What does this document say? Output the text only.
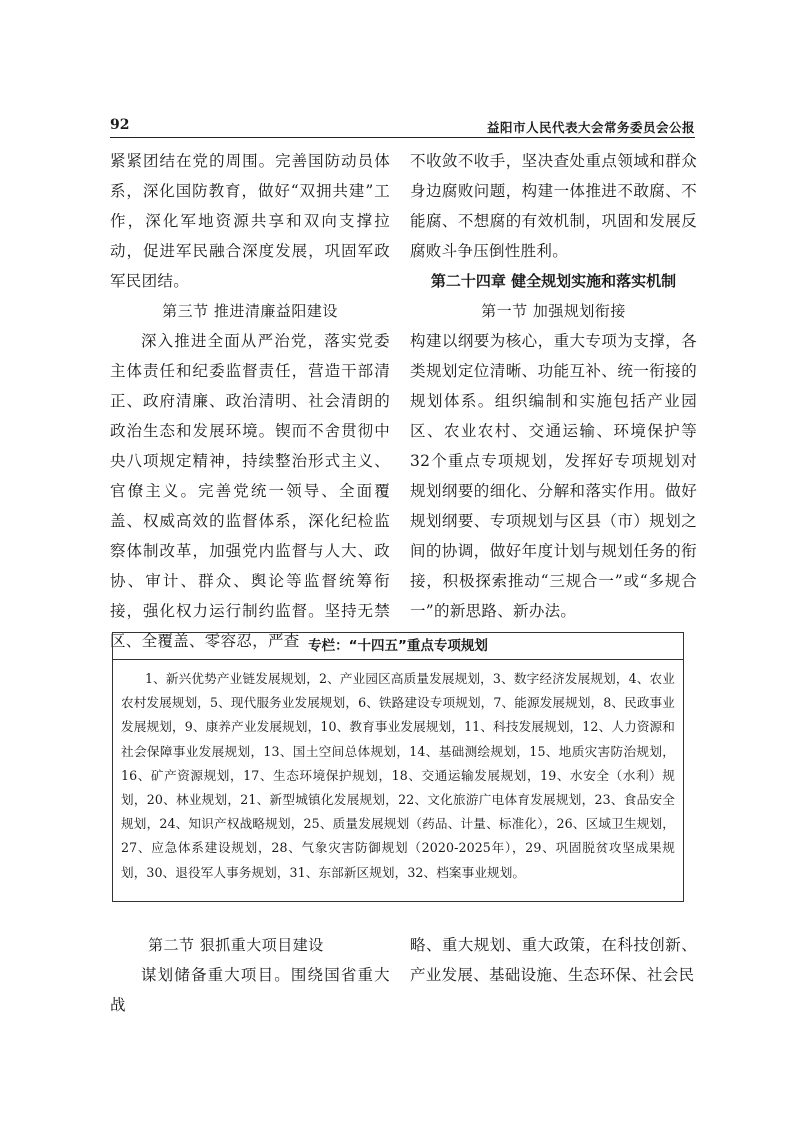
92	益阳市人民代表大会常务委员会公报

紧紧团结在党的周围。完善国防动员体系，深化国防教育，做好“双拥共建”工作，深化军地资源共享和双向支撑拉动，促进军民融合深度发展，巩固军政军民团结。

第三节 推进清廉益阳建设

深入推进全面从严治党，落实党委主体责任和纪委监督责任，营造干部清正、政府清廉、政治清明、社会清朗的政治生态和发展环境。锲而不舍贯彻中央八项规定精神，持续整治形式主义、官僚主义。完善党统一领导、全面覆盖、权威高效的监督体系，深化纪检监察体制改革，加强党内监督与人大、政协、审计、群众、舆论等监督统筹衔接，强化权力运行制约监督。坚持无禁区、全覆盖、零容忍，严查

不收敛不收手，坚决查处重点领域和群众身边腐败问题，构建一体推进不敢腐、不能腐、不想腐的有效机制，巩固和发展反腐败斗争压倒性胜利。

第二十四章 健全规划实施和落实机制

第一节 加强规划衔接

构建以纲要为核心，重大专项为支撑，各类规划定位清晰、功能互补、统一衔接的规划体系。组织编制和实施包括产业园区、农业农村、交通运输、环境保护等32个重点专项规划，发挥好专项规划对规划纲要的细化、分解和落实作用。做好规划纲要、专项规划与区县（市）规划之间的协调，做好年度计划与规划任务的衔接，积极探索推动“三规合一”或“多规合一”的新思路、新办法。

专栏：“十四五”重点专项规划
1、新兴优势产业链发展规划，2、产业园区高质量发展规划，3、数字经济发展规划，4、农业农村发展规划，5、现代服务业发展规划，6、铁路建设专项规划，7、能源发展规划，8、民政事业发展规划，9、康养产业发展规划，10、教育事业发展规划，11、科技发展规划，12、人力资源和社会保障事业发展规划，13、国土空间总体规划，14、基础测绘规划，15、地质灾害防治规划，16、矿产资源规划，17、生态环境保护规划，18、交通运输发展规划，19、水安全（水利）规划，20、林业规划，21、新型城镇化发展规划，22、文化旅游广电体育发展规划，23、食品安全规划，24、知识产权战略规划，25、质量发展规划（药品、计量、标准化），26、区域卫生规划，27、应急体系建设规划，28、气象灾害防御规划（2020-2025年），29、巩固脱贫攻坚成果规划，30、退役军人事务规划，31、东部新区规划，32、档案事业规划。

第二节 狠抓重大项目建设

谋划储备重大项目。围绕国省重大战

略、重大规划、重大政策，在科技创新、产业发展、基础设施、生态环保、社会民
